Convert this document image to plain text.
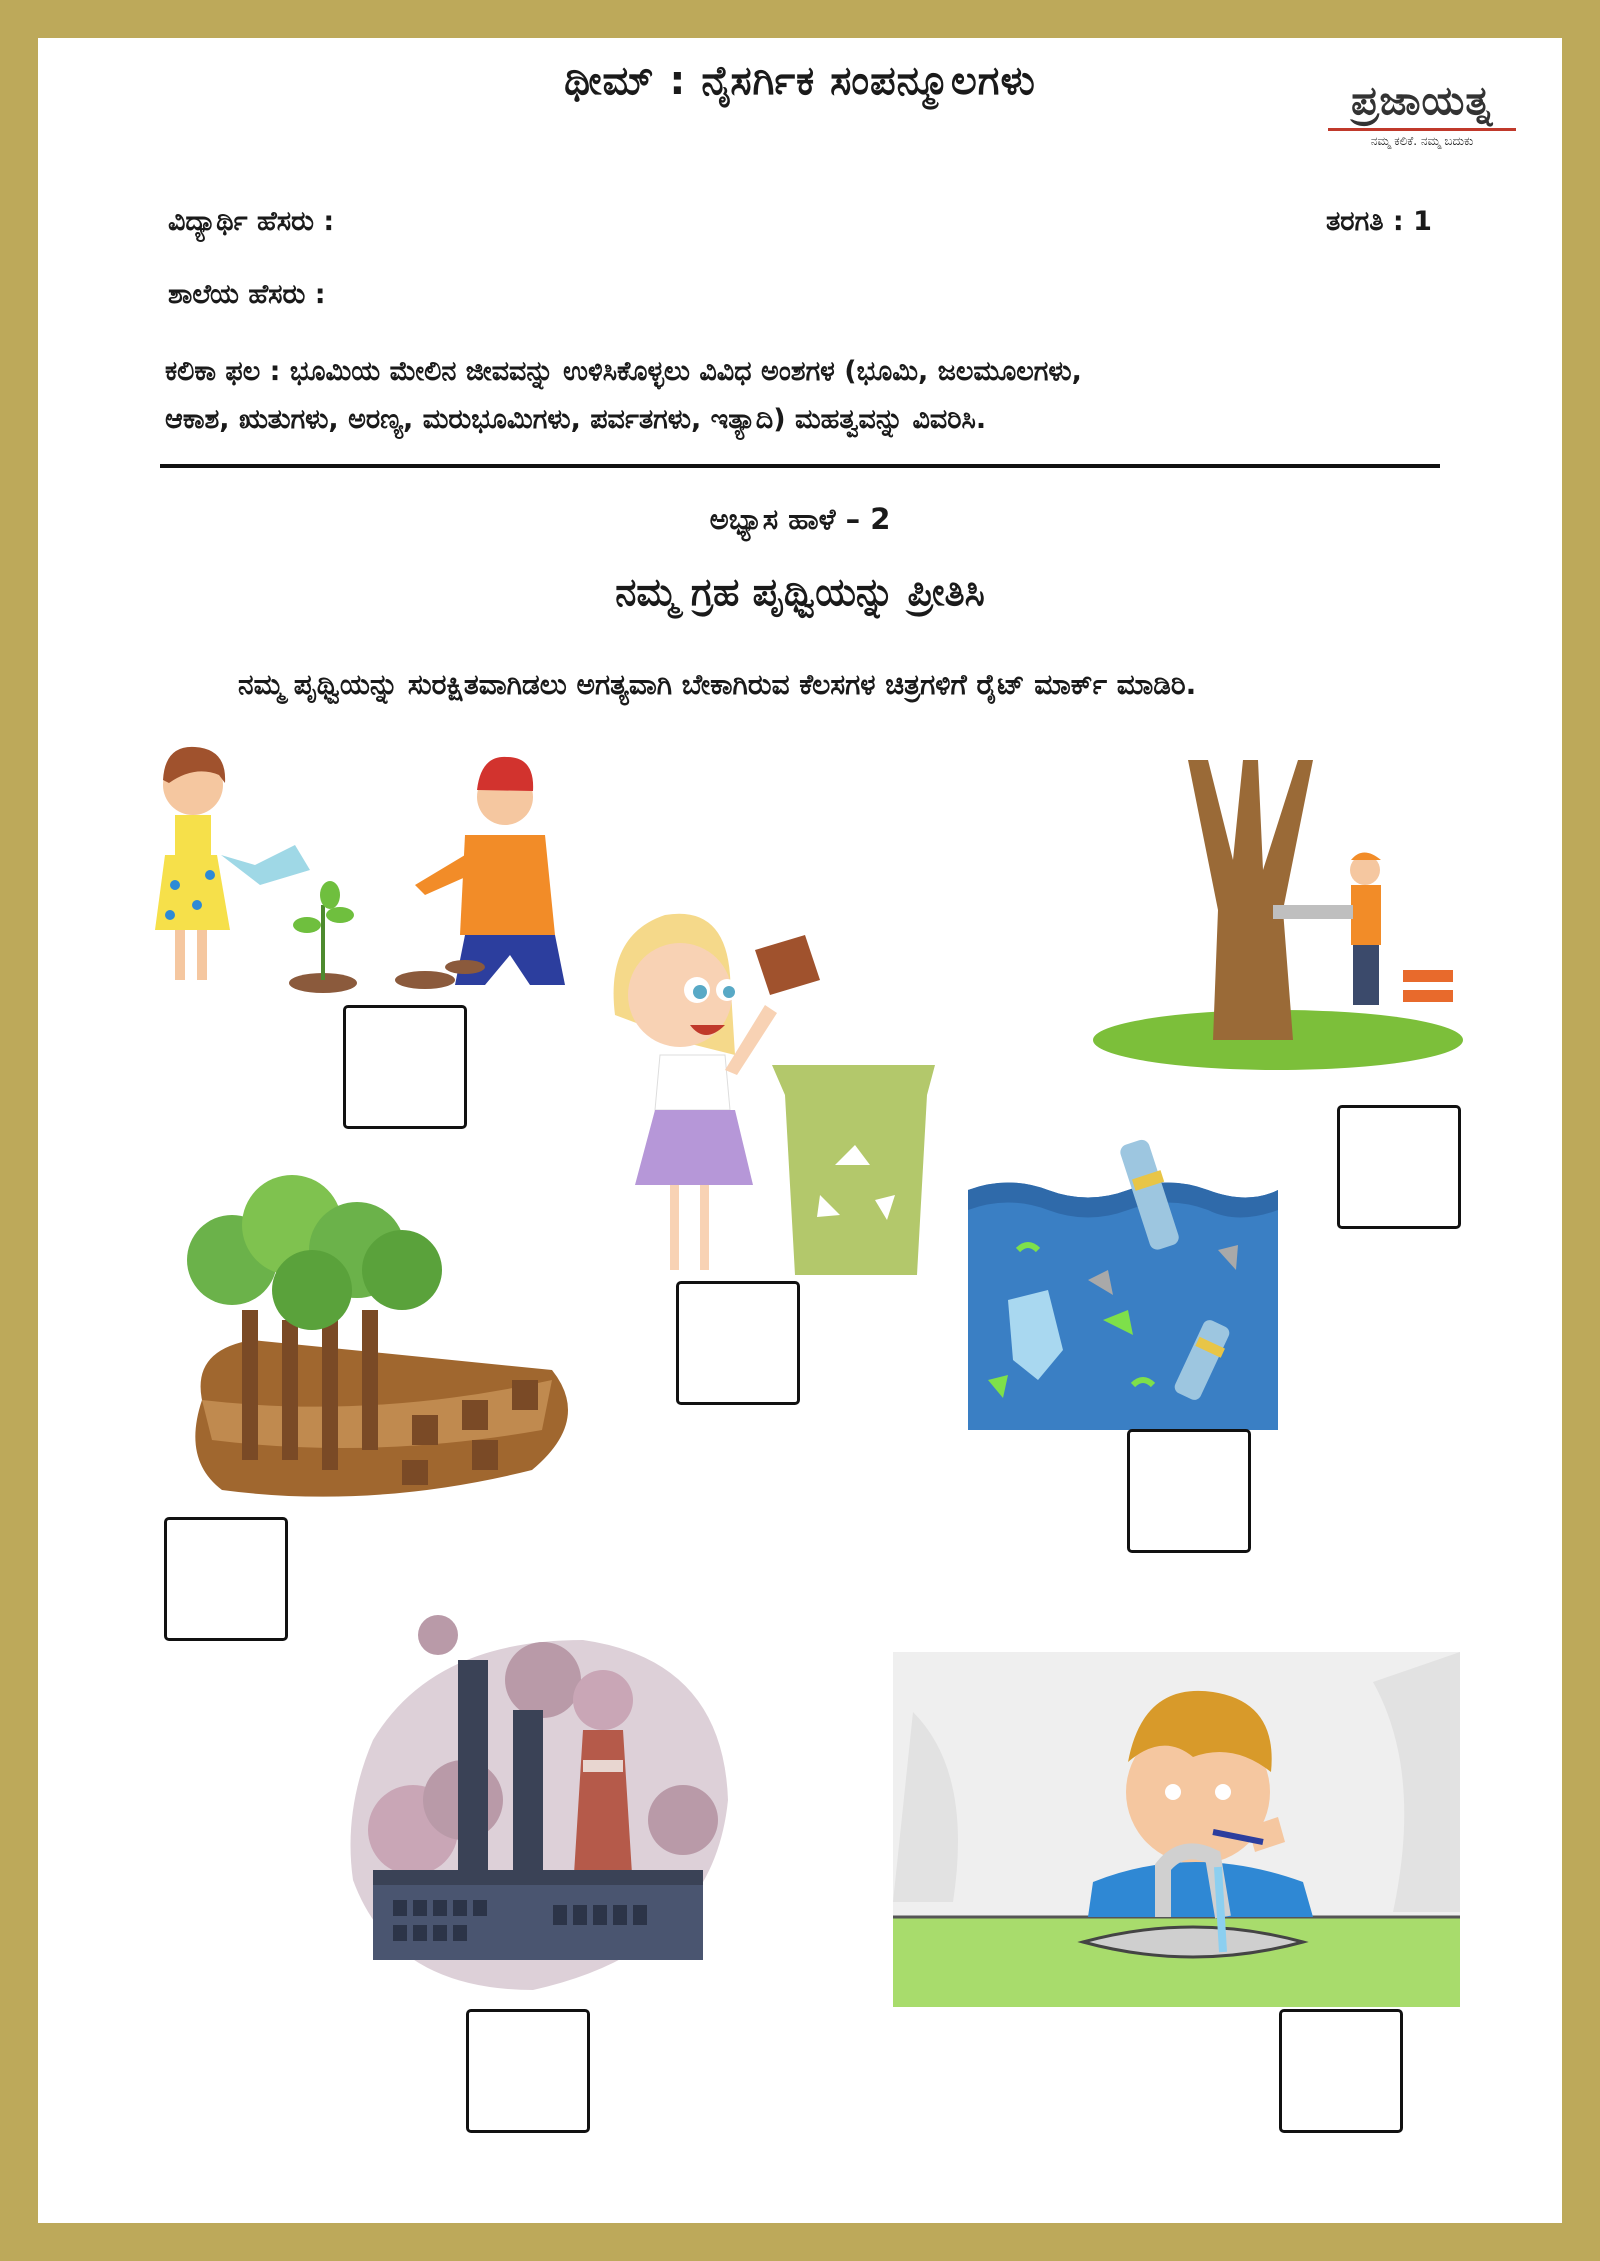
ಥೀಮ್ : ನೈಸರ್ಗಿಕ ಸಂಪನ್ಮೂಲಗಳು	ಪ್ರಜಾಯತ್ನ
ನಮ್ಮ ಕಲಿಕೆ. ನಮ್ಮ ಬದುಕು
ವಿದ್ಯಾರ್ಥಿ ಹೆಸರು :	ತರಗತಿ : 1
ಶಾಲೆಯ ಹೆಸರು :
ಕಲಿಕಾ ಫಲ : ಭೂಮಿಯ ಮೇಲಿನ ಜೀವವನ್ನು ಉಳಿಸಿಕೊಳ್ಳಲು ವಿವಿಧ ಅಂಶಗಳ (ಭೂಮಿ, ಜಲಮೂಲಗಳು,
ಆಕಾಶ, ಋತುಗಳು, ಅರಣ್ಯ, ಮರುಭೂಮಿಗಳು, ಪರ್ವತಗಳು, ಇತ್ಯಾದಿ) ಮಹತ್ವವನ್ನು ವಿವರಿಸಿ.
ಅಭ್ಯಾಸ ಹಾಳೆ – 2
ನಮ್ಮ ಗ್ರಹ ಪೃಥ್ವಿಯನ್ನು ಪ್ರೀತಿಸಿ
ನಮ್ಮ ಪೃಥ್ವಿಯನ್ನು ಸುರಕ್ಷಿತವಾಗಿಡಲು ಅಗತ್ಯವಾಗಿ ಬೇಕಾಗಿರುವ ಕೆಲಸಗಳ ಚಿತ್ರಗಳಿಗೆ ರೈಟ್ ಮಾರ್ಕ್ ಮಾಡಿರಿ.
